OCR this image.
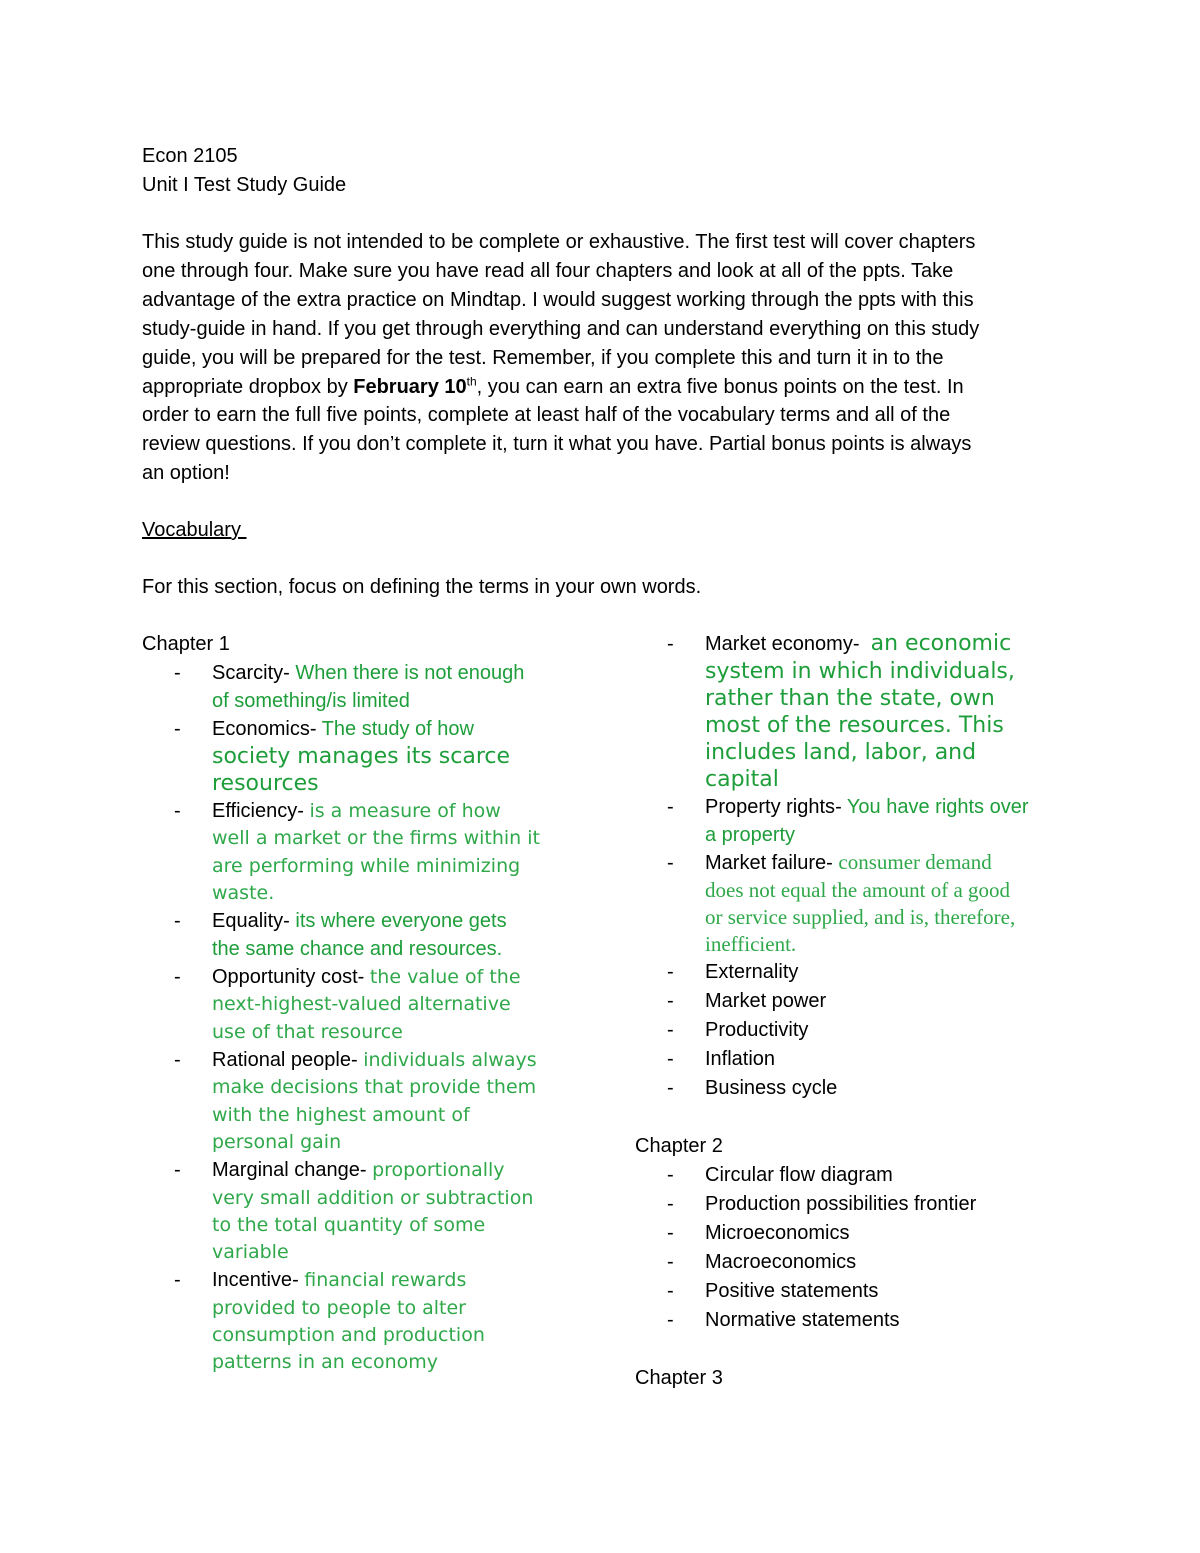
Econ 2105
Unit I Test Study Guide
This study guide is not intended to be complete or exhaustive. The first test will cover chapters
one through four. Make sure you have read all four chapters and look at all of the ppts. Take
advantage of the extra practice on Mindtap. I would suggest working through the ppts with this
study-guide in hand. If you get through everything and can understand everything on this study
guide, you will be prepared for the test. Remember, if you complete this and turn it in to the
appropriate dropbox by February 10th, you can earn an extra five bonus points on the test. In
order to earn the full five points, complete at least half of the vocabulary terms and all of the
review questions. If you don’t complete it, turn it what you have. Partial bonus points is always
an option!
Vocabulary
For this section, focus on defining the terms in your own words.
Chapter 1
- Scarcity- When there is not enough
of something/is limited
- Economics- The study of how
society manages its scarce
resources
- Efficiency- is a measure of how
well a market or the firms within it
are performing while minimizing
waste.
- Equality- its where everyone gets
the same chance and resources.
- Opportunity cost- the value of the
next-highest-valued alternative
use of that resource
- Rational people- individuals always
make decisions that provide them
with the highest amount of
personal gain
- Marginal change- proportionally
very small addition or subtraction
to the total quantity of some
variable
- Incentive- financial rewards
provided to people to alter
consumption and production
patterns in an economy
- Market economy-  an economic
system in which individuals,
rather than the state, own
most of the resources. This
includes land, labor, and
capital
- Property rights- You have rights over
a property
- Market failure- consumer demand
does not equal the amount of a good
or service supplied, and is, therefore,
inefficient.
- Externality
- Market power
- Productivity
- Inflation
- Business cycle
Chapter 2
- Circular flow diagram
- Production possibilities frontier
- Microeconomics
- Macroeconomics
- Positive statements
- Normative statements
Chapter 3
